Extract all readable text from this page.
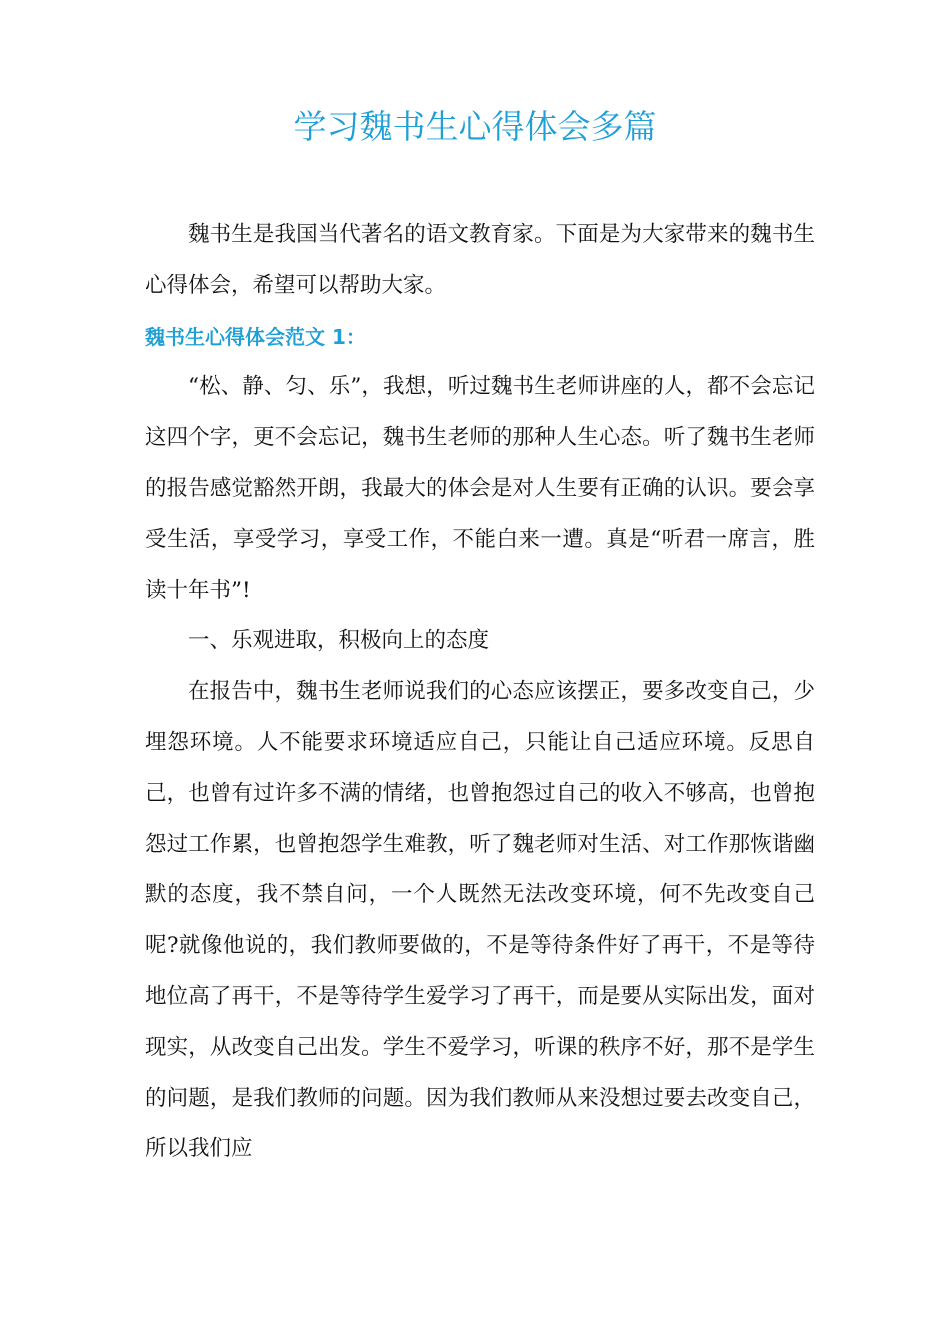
学习魏书生心得体会多篇

魏书生是我国当代著名的语文教育家。下面是为大家带来的魏书生心得体会，希望可以帮助大家。

魏书生心得体会范文 1：

“松、静、匀、乐”，我想，听过魏书生老师讲座的人，都不会忘记这四个字，更不会忘记，魏书生老师的那种人生心态。听了魏书生老师的报告感觉豁然开朗，我最大的体会是对人生要有正确的认识。要会享受生活，享受学习，享受工作，不能白来一遭。真是“听君一席言，胜读十年书”!

一、乐观进取，积极向上的态度

在报告中，魏书生老师说我们的心态应该摆正，要多改变自己，少埋怨环境。人不能要求环境适应自己，只能让自己适应环境。反思自己，也曾有过许多不满的情绪，也曾抱怨过自己的收入不够高，也曾抱怨过工作累，也曾抱怨学生难教，听了魏老师对生活、对工作那恢谐幽默的态度，我不禁自问，一个人既然无法改变环境，何不先改变自己呢?就像他说的，我们教师要做的，不是等待条件好了再干，不是等待地位高了再干，不是等待学生爱学习了再干，而是要从实际出发，面对现实，从改变自己出发。学生不爱学习，听课的秩序不好，那不是学生的问题，是我们教师的问题。因为我们教师从来没想过要去改变自己，所以我们应
